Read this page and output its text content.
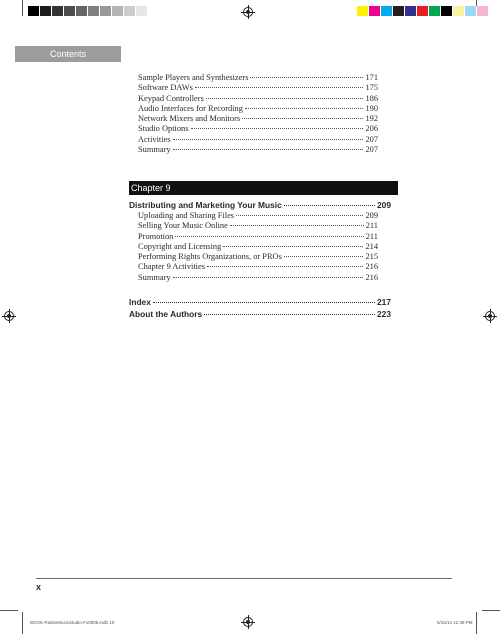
Contents
Sample Players and Synthesizers	171
Software DAWs	175
Keypad Controllers	186
Audio Interfaces for Recording	190
Network Mixers and Monitors	192
Studio Options	206
Activities	207
Summary	207
Chapter 9
Distributing and Marketing Your Music	209
Uploading and Sharing Files	209
Selling Your Music Online	211
Promotion	211
Copyright and Licensing	214
Performing Rights Organizations, or PROs	215
Chapter 9 Activities	216
Summary	216
Index	217
About the Authors	223
x
BOOK-PadsnMusicStudio-Fx0006.indb 10	6/15/14 12:48 PM
